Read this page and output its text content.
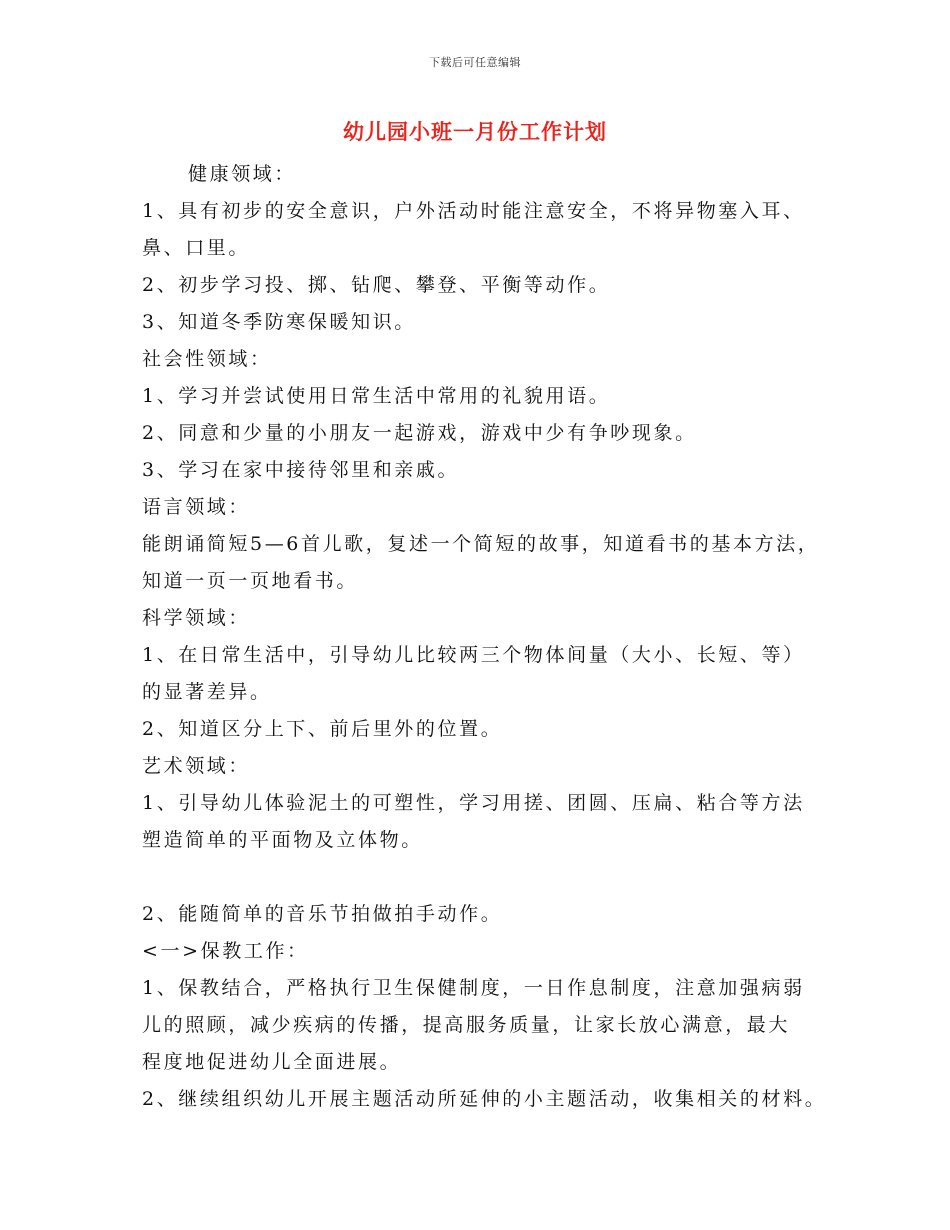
下载后可任意编辑
幼儿园小班一月份工作计划
健康领域：
1、具有初步的安全意识，户外活动时能注意安全，不将异物塞入耳、
鼻、口里。
2、初步学习投、掷、钻爬、攀登、平衡等动作。
3、知道冬季防寒保暖知识。
社会性领域：
1、学习并尝试使用日常生活中常用的礼貌用语。
2、同意和少量的小朋友一起游戏，游戏中少有争吵现象。
3、学习在家中接待邻里和亲戚。
语言领域：
能朗诵简短5—6首儿歌，复述一个简短的故事，知道看书的基本方法，
知道一页一页地看书。
科学领域：
1、在日常生活中，引导幼儿比较两三个物体间量（大小、长短、等）
的显著差异。
2、知道区分上下、前后里外的位置。
艺术领域：
1、引导幼儿体验泥土的可塑性，学习用搓、团圆、压扁、粘合等方法
塑造简单的平面物及立体物。
2、能随简单的音乐节拍做拍手动作。
<一>保教工作：
1、保教结合，严格执行卫生保健制度，一日作息制度，注意加强病弱
儿的照顾，减少疾病的传播，提高服务质量，让家长放心满意，最大
程度地促进幼儿全面进展。
2、继续组织幼儿开展主题活动所延伸的小主题活动，收集相关的材料。
